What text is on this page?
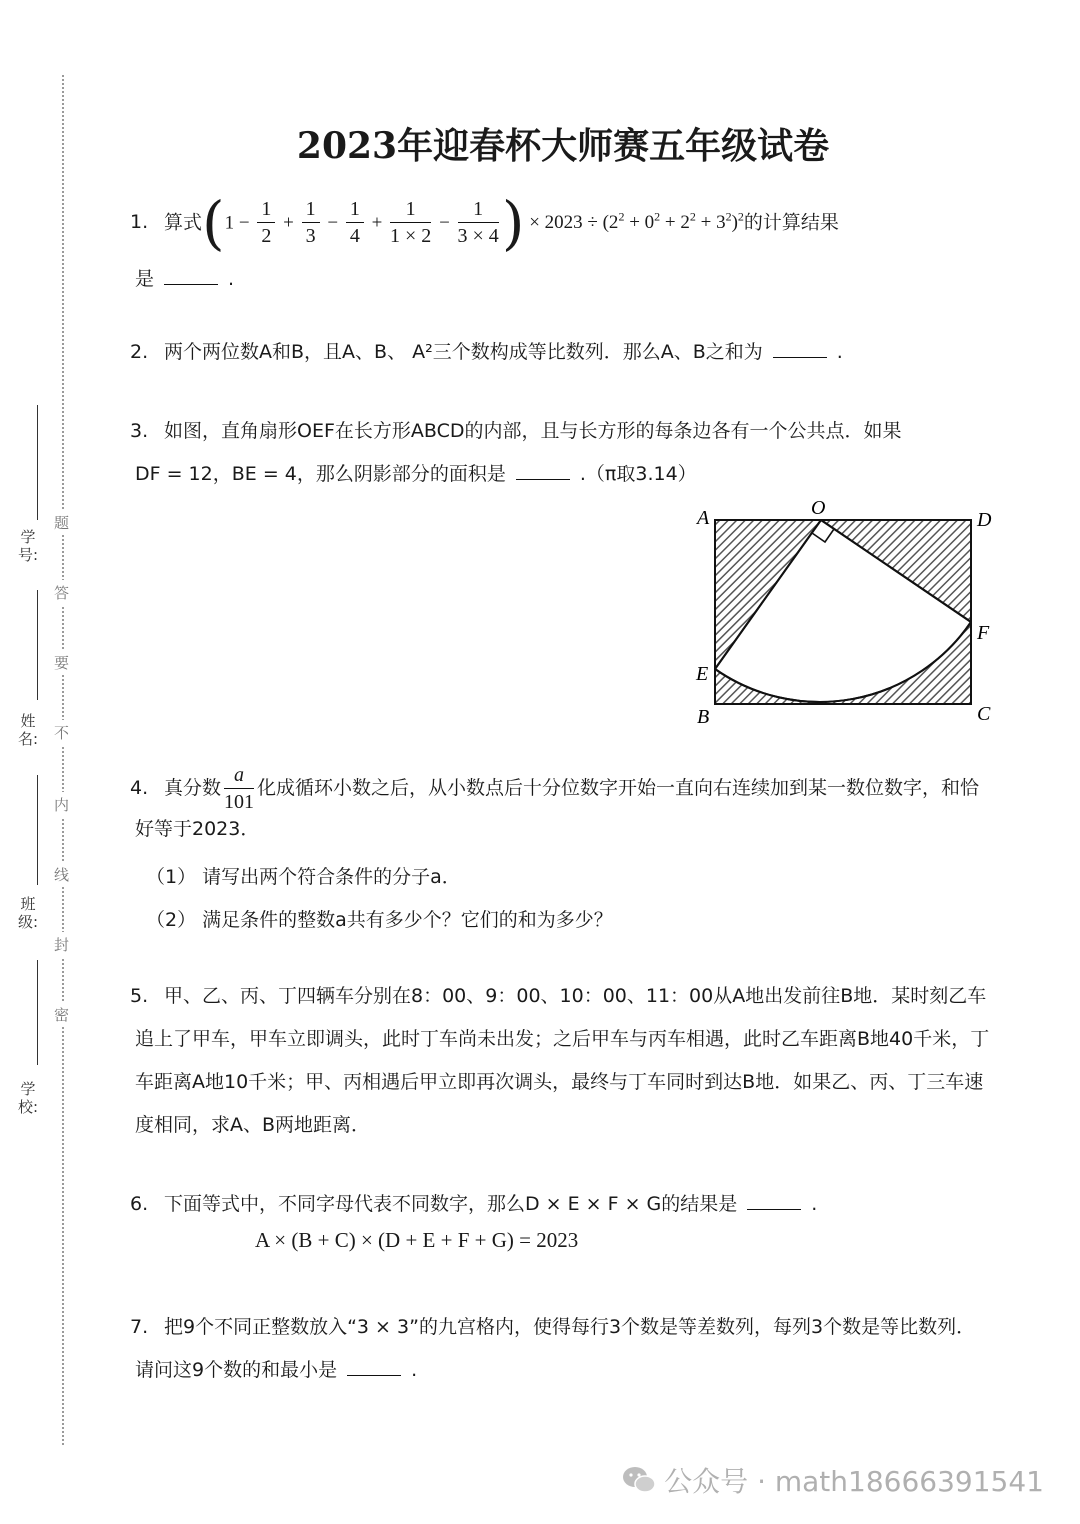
题
答
要
不
内
线
封
密
学号:
姓名:
班级:
学校:
2023年迎春杯大师赛五年级试卷
1. 算式($1 - \frac{1}{2} + \frac{1}{3} - \frac{1}{4} + \frac{1}{1 \times 2} - \frac{1}{3 \times 4}$ ) × $2023 \div (2^2 + 0^2 + 2^2 + 3^2)^2$的计算结果
是	.
2. 两个两位数A和B，且A、B、 A²三个数构成等比数列．那么A、B之和为	.
3. 如图，直角扇形OEF在长方形ABCD的内部，且与长方形的每条边各有一个公共点．如果
DF = 12，BE = 4，那么阴影部分的面积是	.（π取3.14）
A	O
D
F
E
B	C
4. 真分数 $\frac{a}{101}$ 化成循环小数之后，从小数点后十分位数字开始一直向右连续加到某一数位数字，和恰
好等于2023．
（1） 请写出两个符合条件的分子a．
（2） 满足条件的整数a共有多少个？它们的和为多少？
5. 甲、乙、丙、丁四辆车分别在8：00、9：00、10：00、11：00从A地出发前往B地．某时刻乙车
追上了甲车，甲车立即调头，此时丁车尚未出发；之后甲车与丙车相遇，此时乙车距离B地40千米，丁
车距离A地10千米；甲、丙相遇后甲立即再次调头，最终与丁车同时到达B地．如果乙、丙、丁三车速
度相同，求A、B两地距离．
6. 下面等式中，不同字母代表不同数字，那么D × E × F × G的结果是	.
A × (B + C) × (D + E + F + G) = 2023
7. 把9个不同正整数放入“3 × 3”的九宫格内，使得每行3个数是等差数列，每列3个数是等比数列．
请问这9个数的和最小是	.
公众号 · math18666391541
